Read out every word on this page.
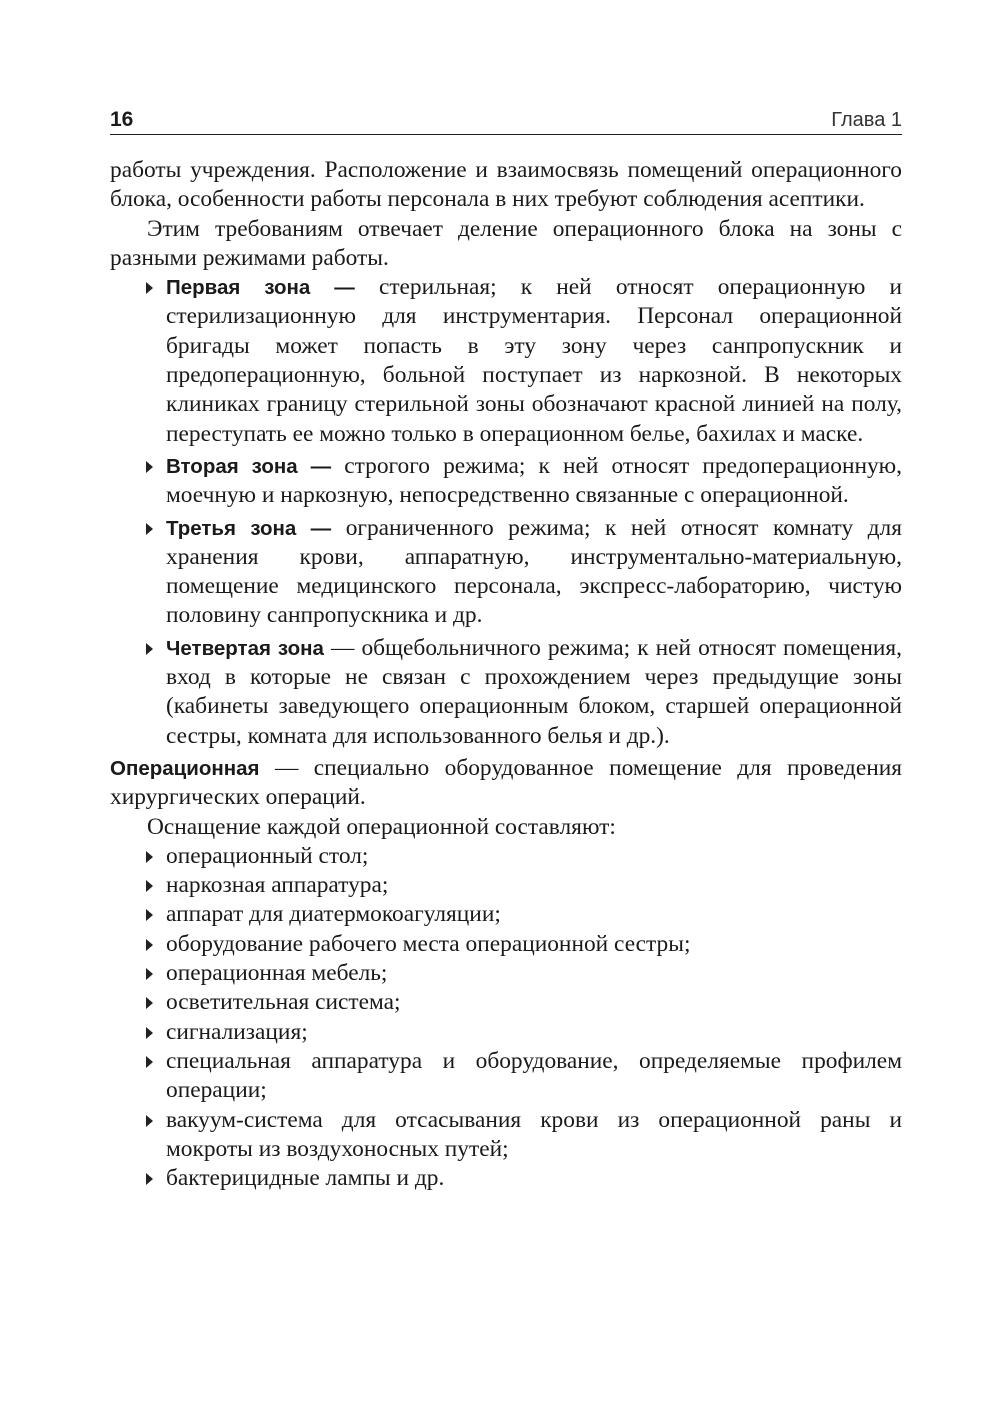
16	Глава 1

работы учреждения. Расположение и взаимосвязь помещений операционного блока, особенности работы персонала в них требуют соблюдения асептики.

Этим требованиям отвечает деление операционного блока на зоны с разными режимами работы.

Первая зона — стерильная; к ней относят операционную и стерилизационную для инструментария. Персонал операционной бригады может попасть в эту зону через санпропускник и предоперационную, больной поступает из наркозной. В некоторых клиниках границу стерильной зоны обозначают красной линией на полу, переступать ее можно только в операционном белье, бахилах и маске.
Вторая зона — строгого режима; к ней относят предоперационную, моечную и наркозную, непосредственно связанные с операционной.
Третья зона — ограниченного режима; к ней относят комнату для хранения крови, аппаратную, инструментально-материальную, помещение медицинского персонала, экспресс-лабораторию, чистую половину санпропускника и др.
Четвертая зона — общебольничного режима; к ней относят помещения, вход в которые не связан с прохождением через предыдущие зоны (кабинеты заведующего операционным блоком, старшей операционной сестры, комната для использованного белья и др.).

Операционная — специально оборудованное помещение для проведения хирургических операций.

Оснащение каждой операционной составляют:

операционный стол;
наркозная аппаратура;
аппарат для диатермокоагуляции;
оборудование рабочего места операционной сестры;
операционная мебель;
осветительная система;
сигнализация;
специальная аппаратура и оборудование, определяемые профилем операции;
вакуум-система для отсасывания крови из операционной раны и мокроты из воздухоносных путей;
бактерицидные лампы и др.
